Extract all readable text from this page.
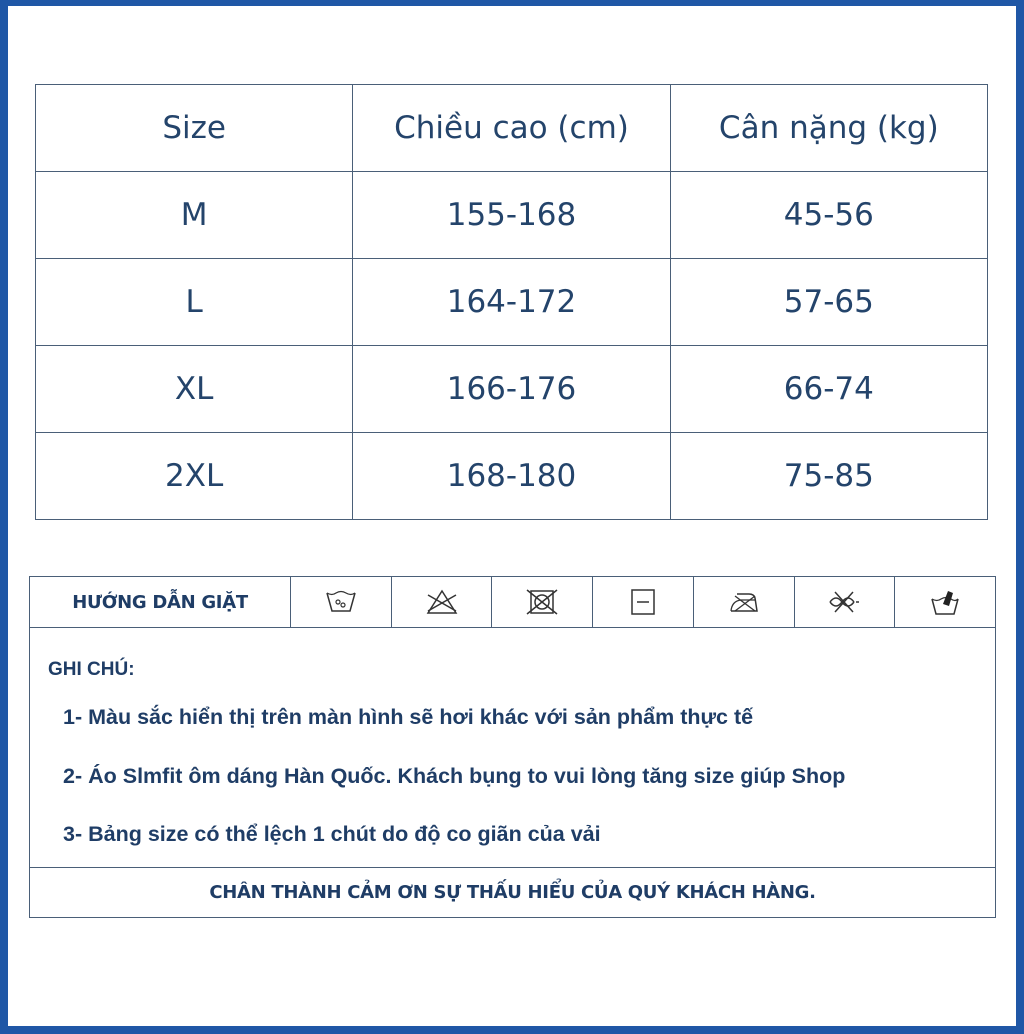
Size	Chiều cao (cm)	Cân nặng (kg)
M	155-168	45-56
L	164-172	57-65
XL	166-176	66-74
2XL	168-180	75-85
HƯỚNG DẪN GIẶT
GHI CHÚ:
1- Màu sắc hiển thị trên màn hình sẽ hơi khác với sản phẩm thực tế
2- Áo Slmfit ôm dáng Hàn Quốc. Khách bụng to vui lòng tăng size giúp Shop
3- Bảng size có thể lệch 1 chút do độ co giãn của vải
CHÂN THÀNH CẢM ƠN SỰ THẤU HIỂU CỦA QUÝ KHÁCH HÀNG.
